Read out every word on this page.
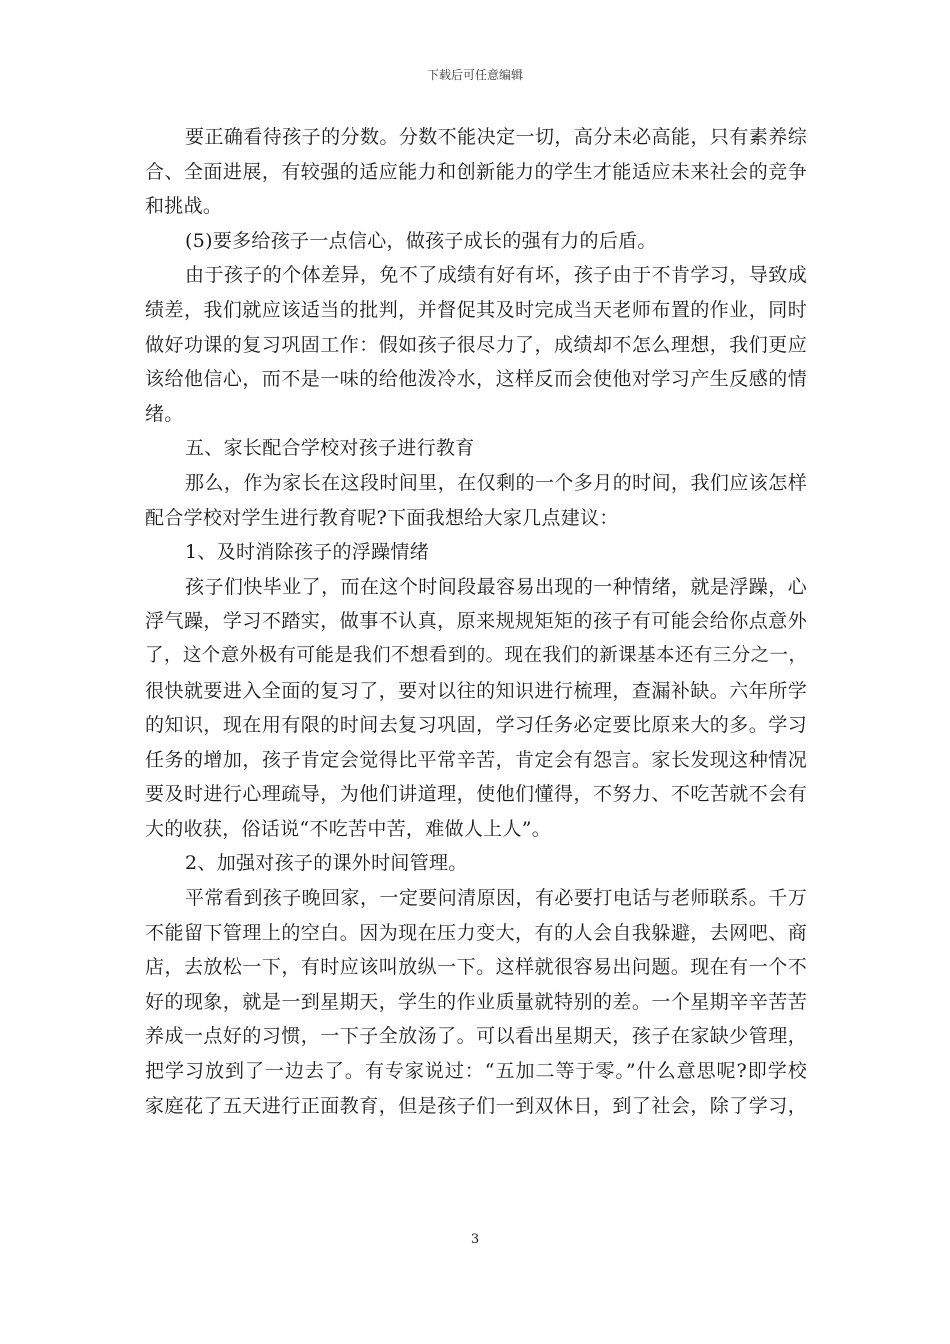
下载后可任意编辑
要正确看待孩子的分数。分数不能决定一切，高分未必高能，只有素养综
合、全面进展，有较强的适应能力和创新能力的学生才能适应未来社会的竞争
和挑战。
(5)要多给孩子一点信心，做孩子成长的强有力的后盾。
由于孩子的个体差异，免不了成绩有好有坏，孩子由于不肯学习，导致成
绩差，我们就应该适当的批判，并督促其及时完成当天老师布置的作业，同时
做好功课的复习巩固工作：假如孩子很尽力了，成绩却不怎么理想，我们更应
该给他信心，而不是一味的给他泼冷水，这样反而会使他对学习产生反感的情
绪。
五、家长配合学校对孩子进行教育
那么，作为家长在这段时间里，在仅剩的一个多月的时间，我们应该怎样
配合学校对学生进行教育呢?下面我想给大家几点建议：
1、及时消除孩子的浮躁情绪
孩子们快毕业了，而在这个时间段最容易出现的一种情绪，就是浮躁，心
浮气躁，学习不踏实，做事不认真，原来规规矩矩的孩子有可能会给你点意外
了，这个意外极有可能是我们不想看到的。现在我们的新课基本还有三分之一，
很快就要进入全面的复习了，要对以往的知识进行梳理，查漏补缺。六年所学
的知识，现在用有限的时间去复习巩固，学习任务必定要比原来大的多。学习
任务的增加，孩子肯定会觉得比平常辛苦，肯定会有怨言。家长发现这种情况
要及时进行心理疏导，为他们讲道理，使他们懂得，不努力、不吃苦就不会有
大的收获，俗话说“不吃苦中苦，难做人上人”。
2、加强对孩子的课外时间管理。
平常看到孩子晚回家，一定要问清原因，有必要打电话与老师联系。千万
不能留下管理上的空白。因为现在压力变大，有的人会自我躲避，去网吧、商
店，去放松一下，有时应该叫放纵一下。这样就很容易出问题。现在有一个不
好的现象，就是一到星期天，学生的作业质量就特别的差。一个星期辛辛苦苦
养成一点好的习惯，一下子全放汤了。可以看出星期天，孩子在家缺少管理，
把学习放到了一边去了。有专家说过：“五加二等于零。”什么意思呢?即学校
家庭花了五天进行正面教育，但是孩子们一到双休日，到了社会，除了学习，
3
